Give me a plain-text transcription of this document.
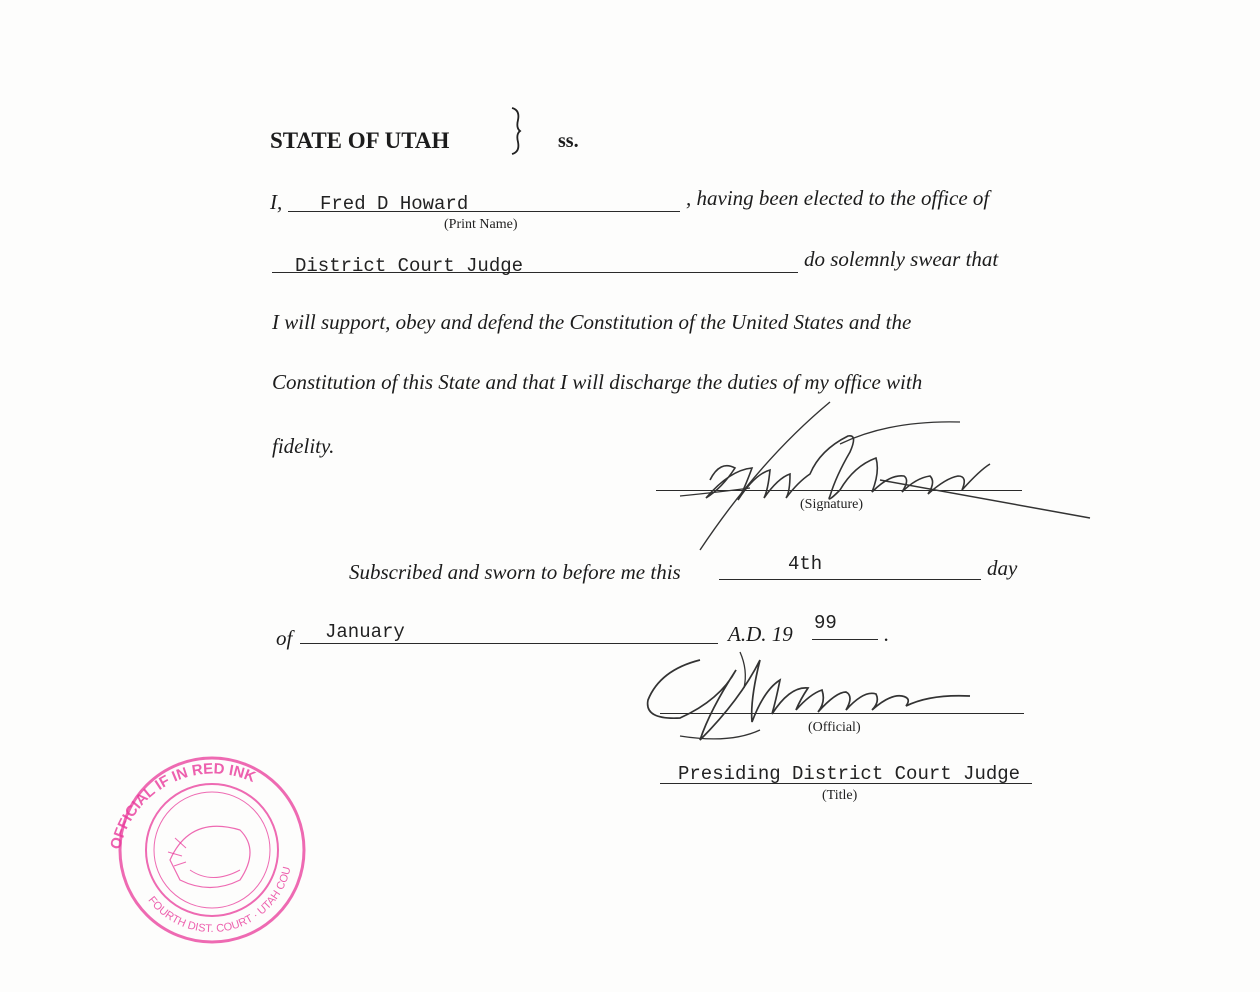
STATE OF UTAH	ss.
I, Fred D Howard	, having been elected to the office of
(Print Name)
District Court Judge	do solemnly swear that
I will support, obey and defend the Constitution of the United States and the
Constitution of this State and that I will discharge the duties of my office with
fidelity.
(Signature)
Subscribed and sworn to before me this	4th	day
of January	A.D. 19 99 .
(Official)
Presiding District Court Judge
(Title)
OFFICIAL IF IN RED INK
FOURTH DIST. COURT · UTAH COUNTY
